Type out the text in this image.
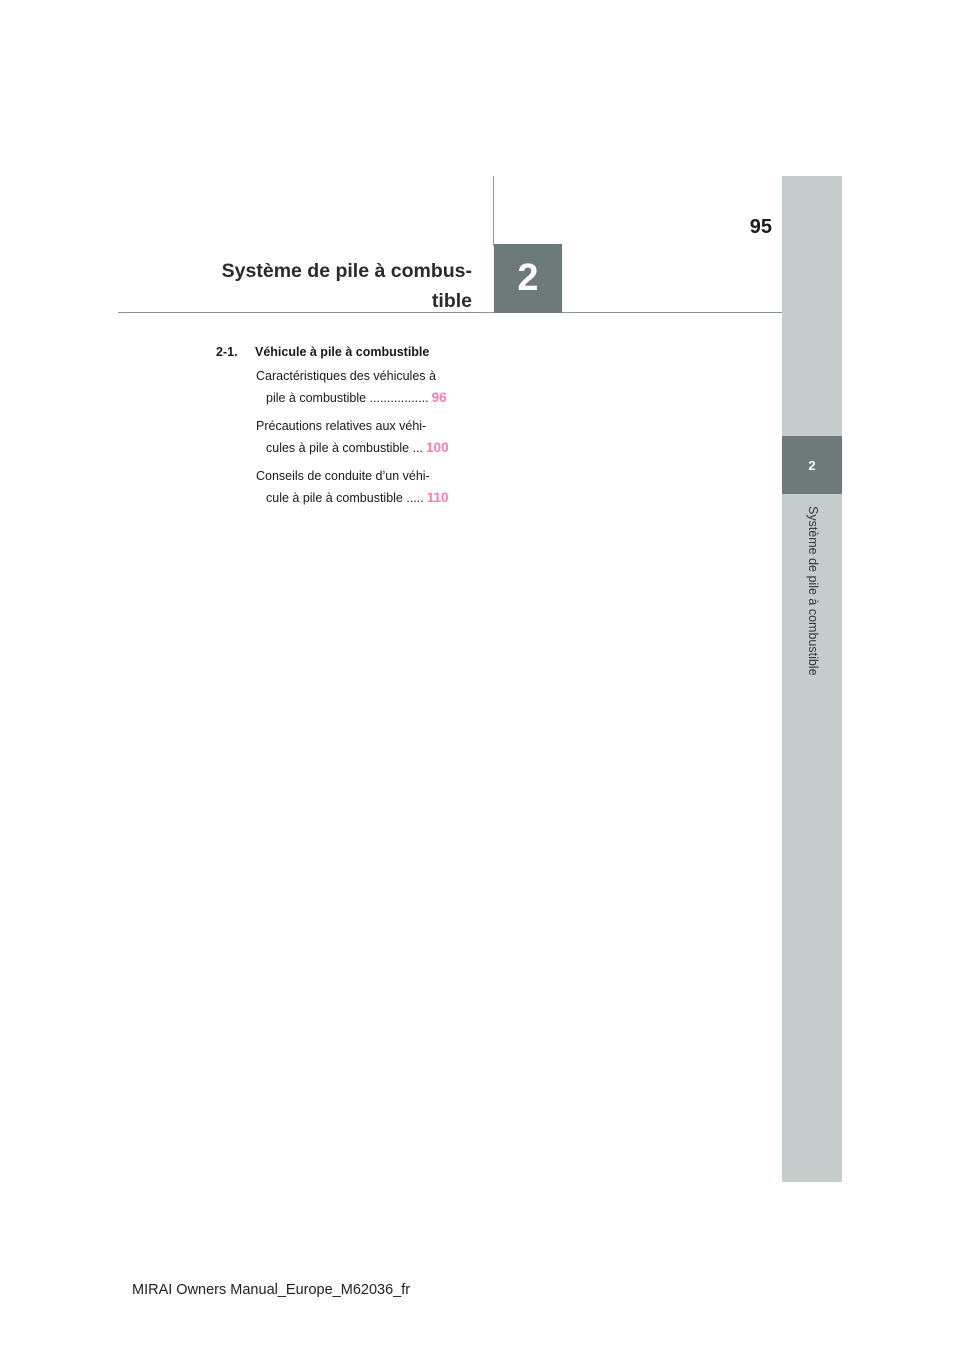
2
Système de pile à combustible
95
2
Système de pile à combus-
tible
2-1. Véhicule à pile à combustible
Caractéristiques des véhicules à
pile à combustible ................. 96
Précautions relatives aux véhi-
cules à pile à combustible ... 100
Conseils de conduite d’un véhi-
cule à pile à combustible ..... 110
MIRAI Owners Manual_Europe_M62036_fr
